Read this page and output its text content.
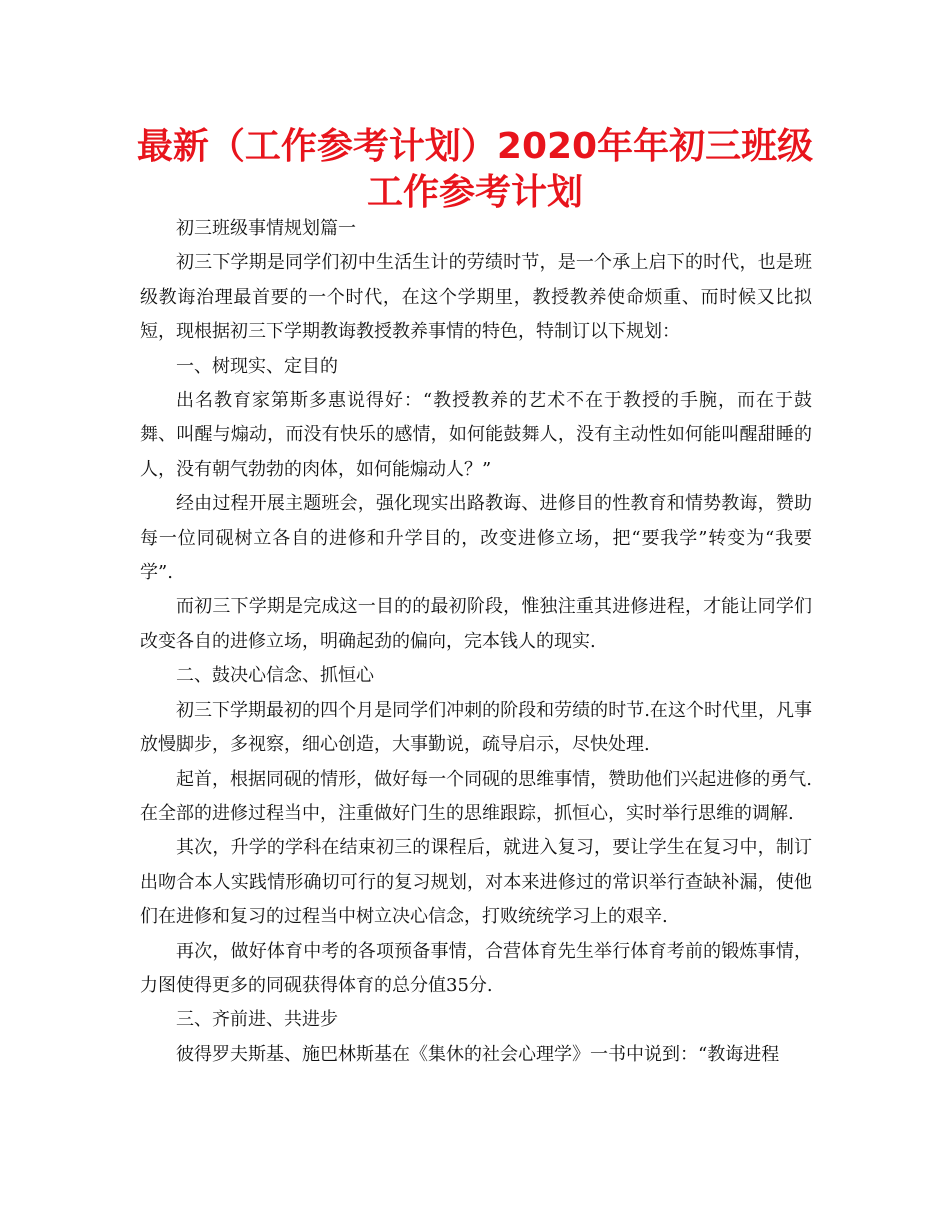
最新（工作参考计划）2020年年初三班级
工作参考计划

初三班级事情规划篇一

初三下学期是同学们初中生活生计的劳绩时节，是一个承上启下的时代，也是班级教诲治理最首要的一个时代，在这个学期里，教授教养使命烦重、而时候又比拟短，现根据初三下学期教诲教授教养事情的特色，特制订以下规划：

一、树现实、定目的

出名教育家第斯多惠说得好：“教授教养的艺术不在于教授的手腕，而在于鼓舞、叫醒与煽动，而没有快乐的感情，如何能鼓舞人，没有主动性如何能叫醒甜睡的人，没有朝气勃勃的肉体，如何能煽动人？”

经由过程开展主题班会，强化现实出路教诲、进修目的性教育和情势教诲，赞助每一位同砚树立各自的进修和升学目的，改变进修立场，把“要我学”转变为“我要学”.

而初三下学期是完成这一目的的最初阶段，惟独注重其进修进程，才能让同学们改变各自的进修立场，明确起劲的偏向，完本钱人的现实.

二、鼓决心信念、抓恒心

初三下学期最初的四个月是同学们冲刺的阶段和劳绩的时节.在这个时代里，凡事放慢脚步，多视察，细心创造，大事勤说，疏导启示，尽快处理.

起首，根据同砚的情形，做好每一个同砚的思维事情，赞助他们兴起进修的勇气.在全部的进修过程当中，注重做好门生的思维跟踪，抓恒心，实时举行思维的调解.

其次，升学的学科在结束初三的课程后，就进入复习，要让学生在复习中，制订出吻合本人实践情形确切可行的复习规划，对本来进修过的常识举行查缺补漏，使他们在进修和复习的过程当中树立决心信念，打败统统学习上的艰辛.

再次，做好体育中考的各项预备事情，合营体育先生举行体育考前的锻炼事情，力图使得更多的同砚获得体育的总分值35分.

三、齐前进、共进步

彼得罗夫斯基、施巴林斯基在《集休的社会心理学》一书中说到：“教诲进程
